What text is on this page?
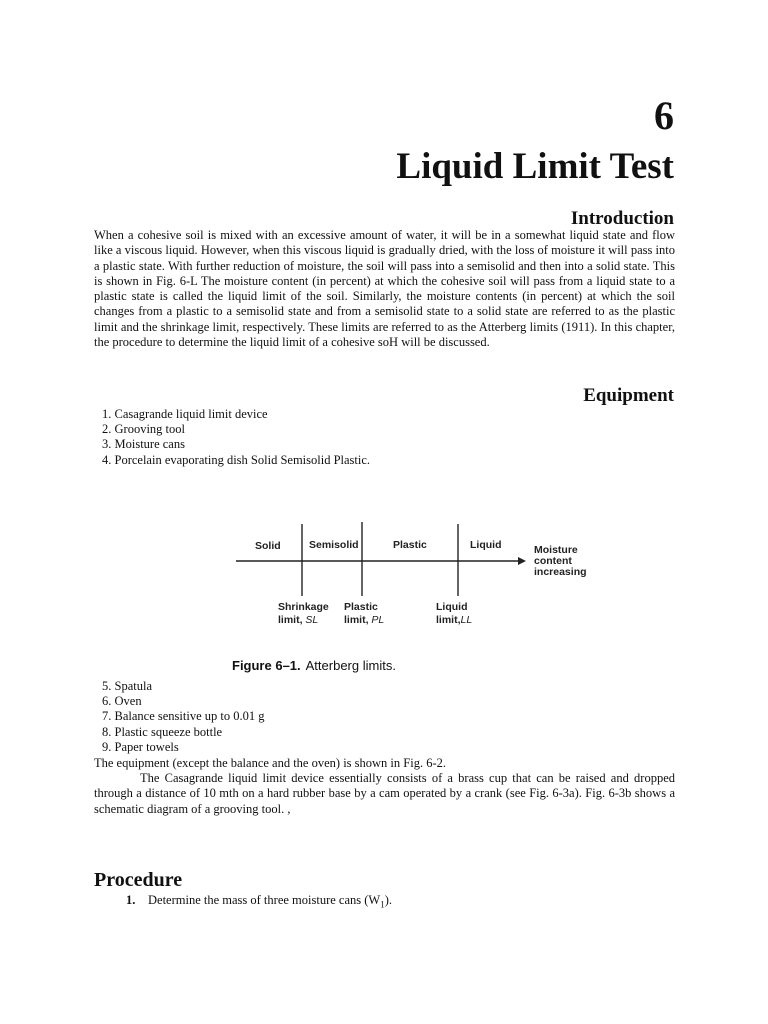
6
Liquid Limit Test
Introduction
When a cohesive soil is mixed with an excessive amount of water, it will be in a somewhat liquid state and flow like a viscous liquid. However, when this viscous liquid is gradually dried, with the loss of moisture it will pass into a plastic state. With further reduction of moisture, the soil will pass into a semisolid and then into a solid state. This is shown in Fig. 6-L The moisture content (in percent) at which the cohesive soil will pass from a liquid state to a plastic state is called the liquid limit of the soil. Similarly, the moisture contents (in percent) at which the soil changes from a plastic to a semisolid state and from a semisolid state to a solid state are referred to as the plastic limit and the shrinkage limit, respectively. These limits are referred to as the Atterberg limits (1911). In this chapter, the procedure to determine the liquid limit of a cohesive soH will be discussed.
Equipment
1. Casagrande liquid limit device
2. Grooving tool
3. Moisture cans
4. Porcelain evaporating dish Solid Semisolid Plastic.
Solid	Semisolid	Plastic	Liquid	Moisture
content
increasing
Shrinkage
limit, SL
Plastic
limit, PL
Liquid
limit,LL
Figure 6–1. Atterberg limits.
5. Spatula
6. Oven
7. Balance sensitive up to 0.01 g
8. Plastic squeeze bottle
9. Paper towels
The equipment (except the balance and the oven) is shown in Fig. 6-2.
The Casagrande liquid limit device essentially consists of a brass cup that can be raised and dropped through a distance of 10 mth on a hard rubber base by a cam operated by a crank (see Fig. 6-3a). Fig. 6-3b shows a schematic diagram of a grooving tool. ,
Procedure
1. Determine the mass of three moisture cans $(W_1)$.
